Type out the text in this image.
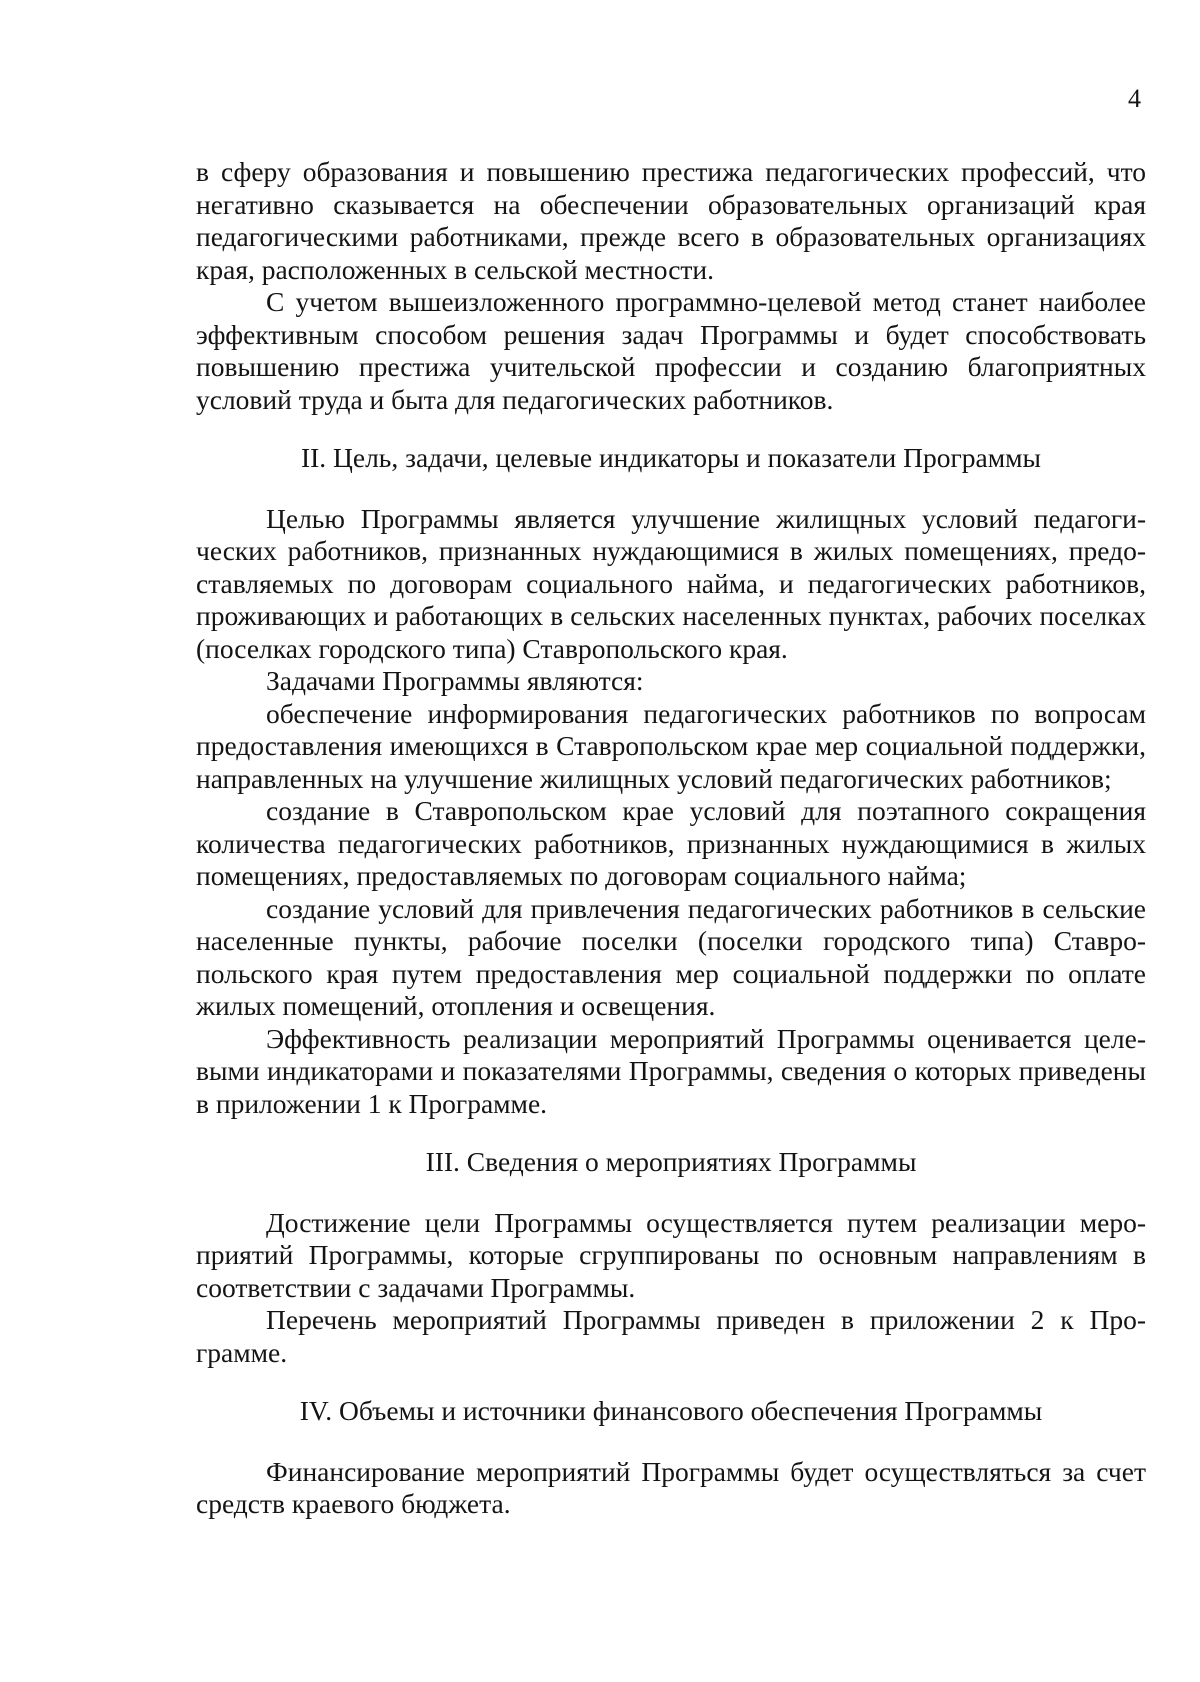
4

в сферу образования и повышению престижа педагогических профессий, что негативно сказывается на обеспечении образовательных организаций края педагогическими работниками, прежде всего в образовательных организациях края, расположенных в сельской местности.

С учетом вышеизложенного программно-целевой метод станет наиболее эффективным способом решения задач Программы и будет способствовать повышению престижа учительской профессии и созданию благоприятных условий труда и быта для педагогических работников.

II. Цель, задачи, целевые индикаторы и показатели Программы

Целью Программы является улучшение жилищных условий педагогических работников, признанных нуждающимися в жилых помещениях, предоставляемых по договорам социального найма, и педагогических работников, проживающих и работающих в сельских населенных пунктах, рабочих поселках (поселках городского типа) Ставропольского края.

Задачами Программы являются:

обеспечение информирования педагогических работников по вопросам предоставления имеющихся в Ставропольском крае мер социальной поддержки, направленных на улучшение жилищных условий педагогических работников;

создание в Ставропольском крае условий для поэтапного сокращения количества педагогических работников, признанных нуждающимися в жилых помещениях, предоставляемых по договорам социального найма;

создание условий для привлечения педагогических работников в сельские населенные пункты, рабочие поселки (поселки городского типа) Ставропольского края путем предоставления мер социальной поддержки по оплате жилых помещений, отопления и освещения.

Эффективность реализации мероприятий Программы оценивается целевыми индикаторами и показателями Программы, сведения о которых приведены в приложении 1 к Программе.

III. Сведения о мероприятиях Программы

Достижение цели Программы осуществляется путем реализации мероприятий Программы, которые сгруппированы по основным направлениям в соответствии с задачами Программы.

Перечень мероприятий Программы приведен в приложении 2 к Программе.

IV. Объемы и источники финансового обеспечения Программы

Финансирование мероприятий Программы будет осуществляться за счет средств краевого бюджета.
